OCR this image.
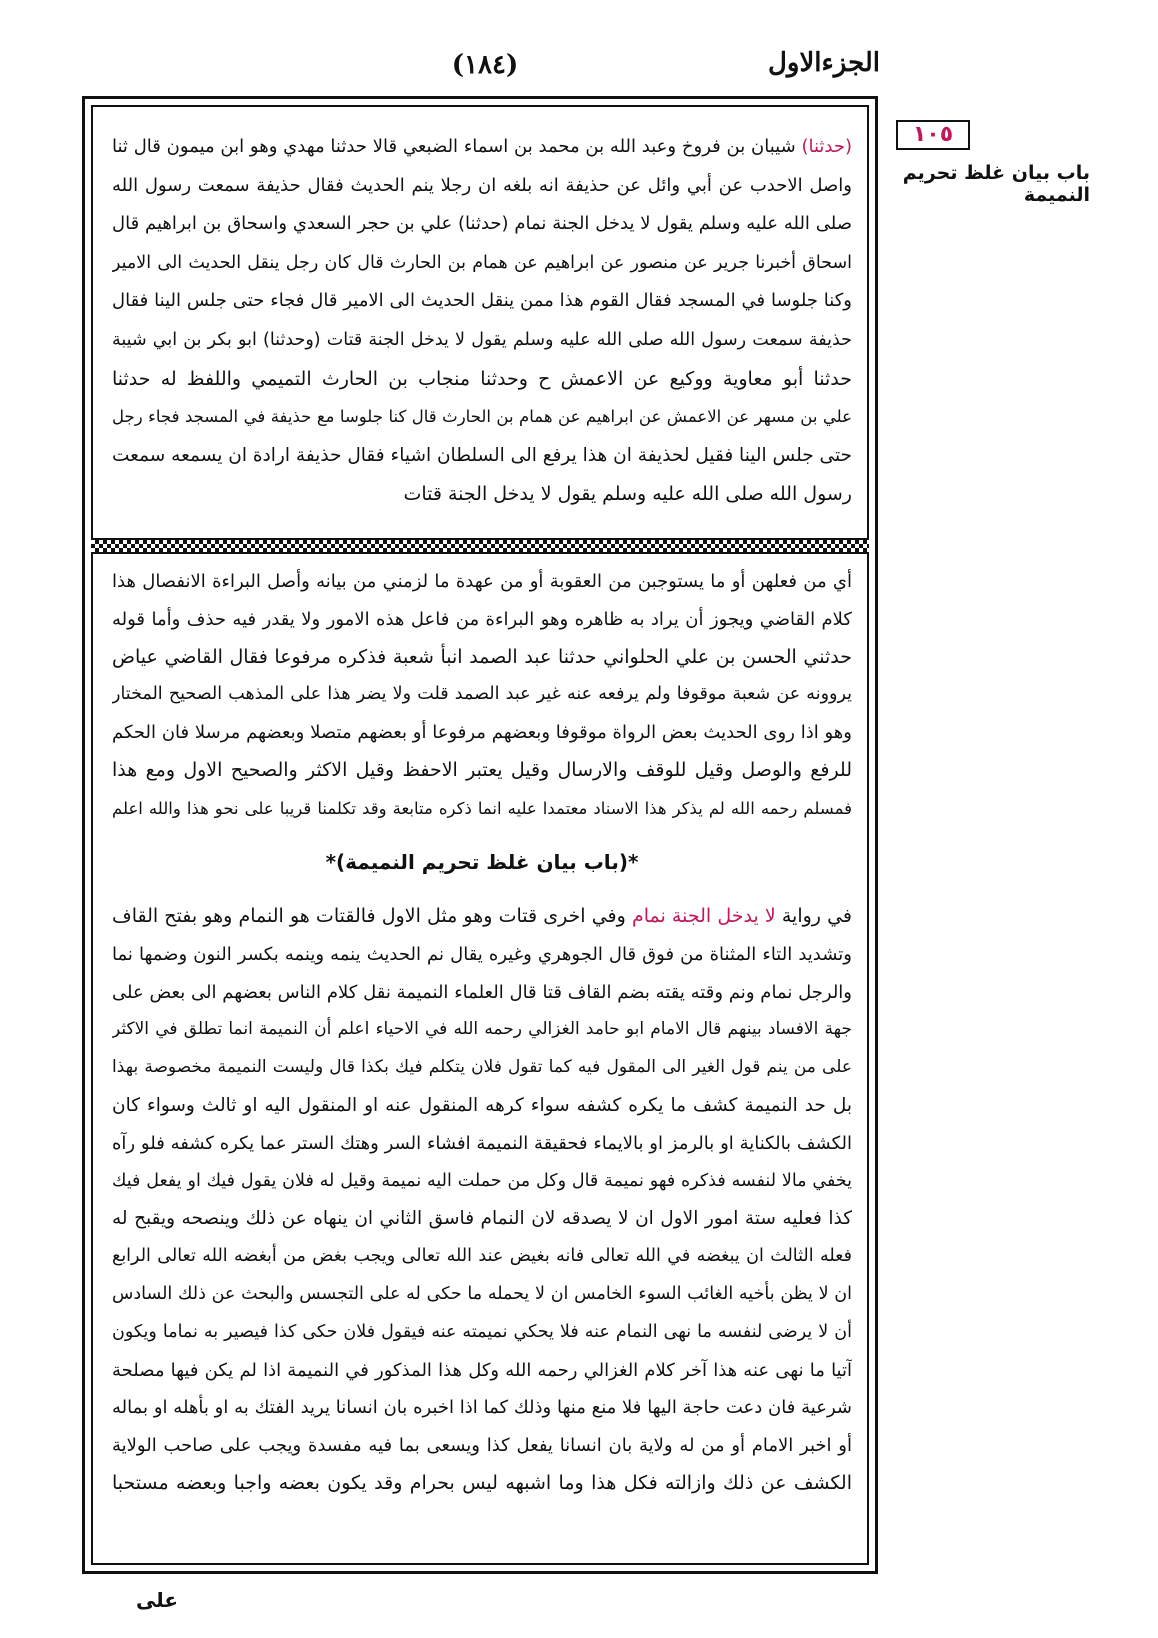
الجزءالاول
(١٨٤)
١٠٥
باب بيان غلظ تحريم النميمة
(حدثنا) شيبان بن فروخ وعبد الله بن محمد بن اسماء الضبعي قالا حدثنا مهدي وهو ابن ميمون قال ثنا
واصل الاحدب عن أبي وائل عن حذيفة انه بلغه ان رجلا ينم الحديث فقال حذيفة سمعت رسول الله
صلى الله عليه وسلم يقول لا يدخل الجنة نمام (حدثنا) علي بن حجر السعدي واسحاق بن ابراهيم قال
اسحاق أخبرنا جرير عن منصور عن ابراهيم عن همام بن الحارث قال كان رجل ينقل الحديث الى الامير
وكنا جلوسا في المسجد فقال القوم هذا ممن ينقل الحديث الى الامير قال فجاء حتى جلس الينا فقال
حذيفة سمعت رسول الله صلى الله عليه وسلم يقول لا يدخل الجنة قتات (وحدثنا) ابو بكر بن ابي شيبة
حدثنا أبو معاوية ووكيع عن الاعمش ح وحدثنا منجاب بن الحارث التميمي واللفظ له حدثنا
علي بن مسهر عن الاعمش عن ابراهيم عن همام بن الحارث قال كنا جلوسا مع حذيفة في المسجد فجاء رجل
حتى جلس الينا فقيل لحذيفة ان هذا يرفع الى السلطان اشياء فقال حذيفة ارادة ان يسمعه سمعت
رسول الله صلى الله عليه وسلم يقول لا يدخل الجنة قتات
أي من فعلهن أو ما يستوجبن من العقوبة أو من عهدة ما لزمني من بيانه وأصل البراءة الانفصال هذا
كلام القاضي ويجوز أن يراد به ظاهره وهو البراءة من فاعل هذه الامور ولا يقدر فيه حذف وأما قوله
حدثني الحسن بن علي الحلواني حدثنا عبد الصمد انبأ شعبة فذكره مرفوعا فقال القاضي عياض
يروونه عن شعبة موقوفا ولم يرفعه عنه غير عبد الصمد قلت ولا يضر هذا على المذهب الصحيح المختار
وهو اذا روى الحديث بعض الرواة موقوفا وبعضهم مرفوعا أو بعضهم متصلا وبعضهم مرسلا فان الحكم
للرفع والوصل وقيل للوقف والارسال وقيل يعتبر الاحفظ وقيل الاكثر والصحيح الاول ومع هذا
فمسلم رحمه الله لم يذكر هذا الاسناد معتمدا عليه انما ذكره متابعة وقد تكلمنا قريبا على نحو هذا والله اعلم
*(باب بيان غلظ تحريم النميمة)*
في رواية لا يدخل الجنة نمام وفي اخرى قتات وهو مثل الاول فالقتات هو النمام وهو بفتح القاف
وتشديد التاء المثناة من فوق قال الجوهري وغيره يقال نم الحديث ينمه وينمه بكسر النون وضمها نما
والرجل نمام ونم وقته يقته بضم القاف قتا قال العلماء النميمة نقل كلام الناس بعضهم الى بعض على
جهة الافساد بينهم قال الامام ابو حامد الغزالي رحمه الله في الاحياء اعلم أن النميمة انما تطلق في الاكثر
على من ينم قول الغير الى المقول فيه كما تقول فلان يتكلم فيك بكذا قال وليست النميمة مخصوصة بهذا
بل حد النميمة كشف ما يكره كشفه سواء كرهه المنقول عنه او المنقول اليه او ثالث وسواء كان
الكشف بالكناية او بالرمز او بالايماء فحقيقة النميمة افشاء السر وهتك الستر عما يكره كشفه فلو رآه
يخفي مالا لنفسه فذكره فهو نميمة قال وكل من حملت اليه نميمة وقيل له فلان يقول فيك او يفعل فيك
كذا فعليه ستة امور الاول ان لا يصدقه لان النمام فاسق الثاني ان ينهاه عن ذلك وينصحه ويقبح له
فعله الثالث ان يبغضه في الله تعالى فانه بغيض عند الله تعالى ويجب بغض من أبغضه الله تعالى الرابع
ان لا يظن بأخيه الغائب السوء الخامس ان لا يحمله ما حكى له على التجسس والبحث عن ذلك السادس
أن لا يرضى لنفسه ما نهى النمام عنه فلا يحكي نميمته عنه فيقول فلان حكى كذا فيصير به نماما ويكون
آتيا ما نهى عنه هذا آخر كلام الغزالي رحمه الله وكل هذا المذكور في النميمة اذا لم يكن فيها مصلحة
شرعية فان دعت حاجة اليها فلا منع منها وذلك كما اذا اخبره بان انسانا يريد الفتك به او بأهله او بماله
أو اخبر الامام أو من له ولاية بان انسانا يفعل كذا ويسعى بما فيه مفسدة ويجب على صاحب الولاية
الكشف عن ذلك وازالته فكل هذا وما اشبهه ليس بحرام وقد يكون بعضه واجبا وبعضه مستحبا
على
